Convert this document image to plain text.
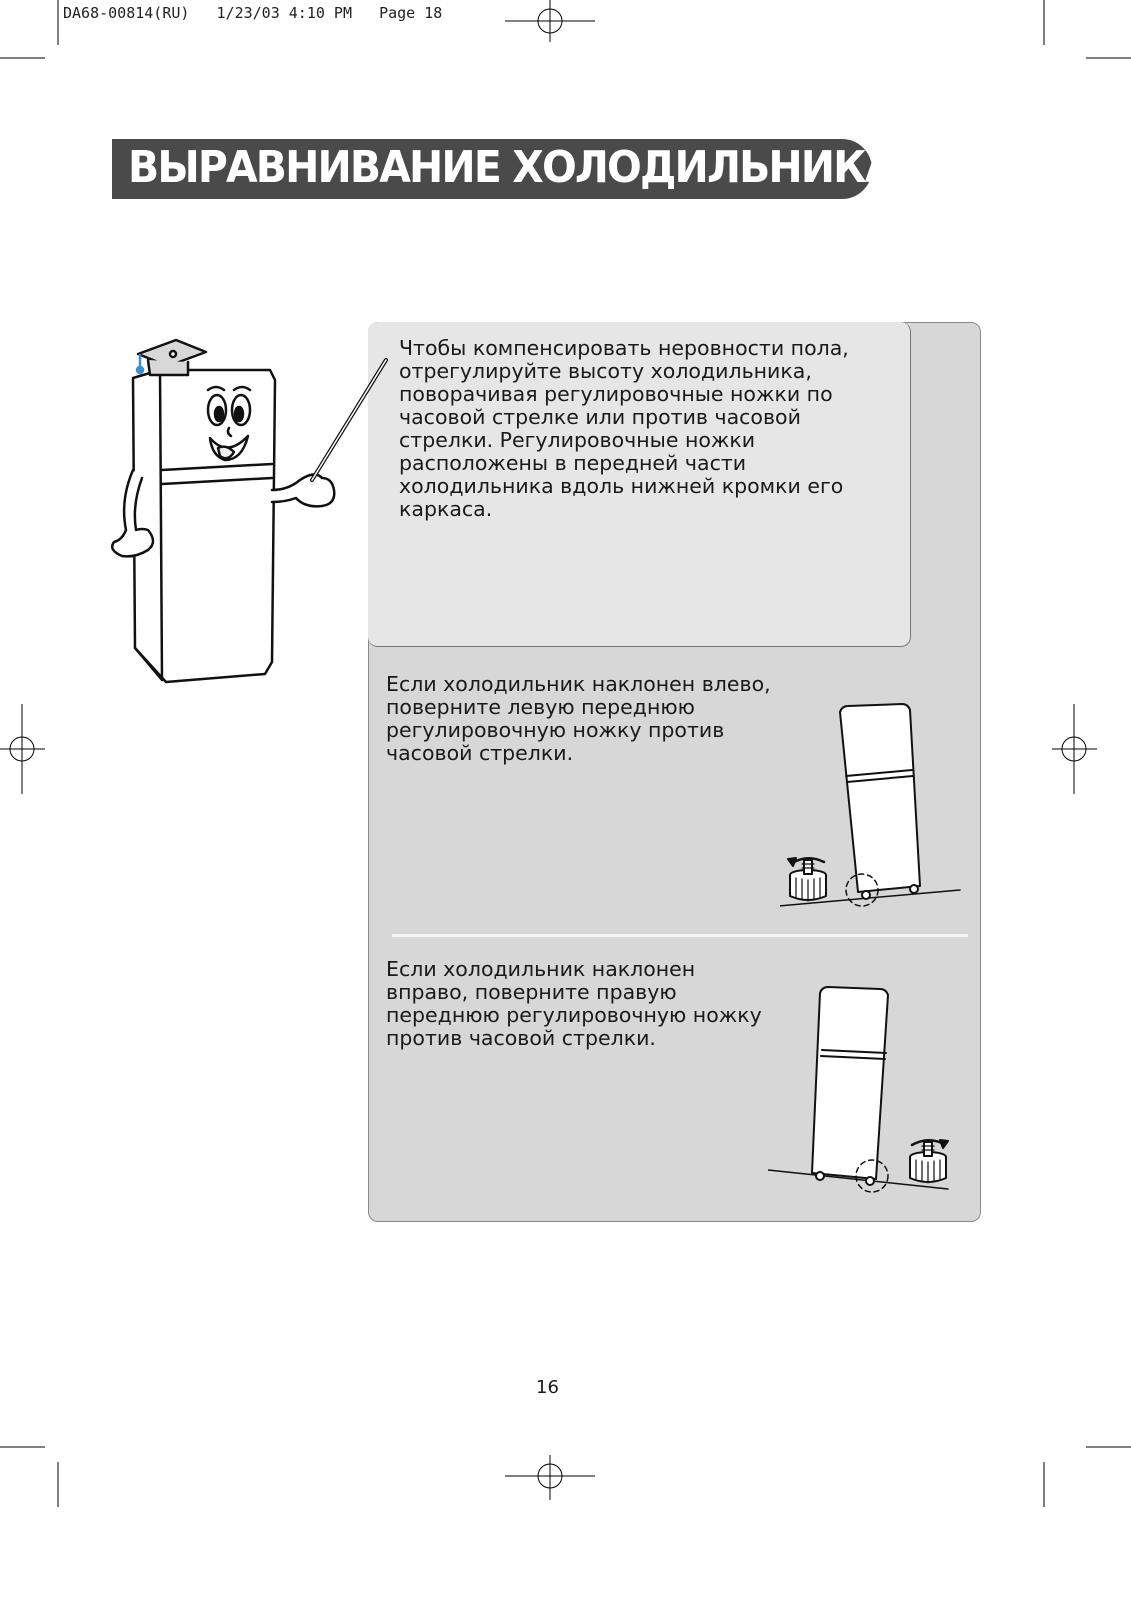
DA68-00814(RU)   1/23/03 4:10 PM   Page 18
ВЫРАВНИВАНИЕ ХОЛОДИЛЬНИКА
Чтобы компенсировать неровности пола,
отрегулируйте высоту холодильника,
поворачивая регулировочные ножки по
часовой стрелке или против часовой
стрелки. Регулировочные ножки
расположены в передней части
холодильника вдоль нижней кромки его
каркаса.
Если холодильник наклонен влево,
поверните левую переднюю
регулировочную ножку против
часовой стрелки.
Если холодильник наклонен
вправо, поверните правую
переднюю регулировочную ножку
против часовой стрелки.
16
